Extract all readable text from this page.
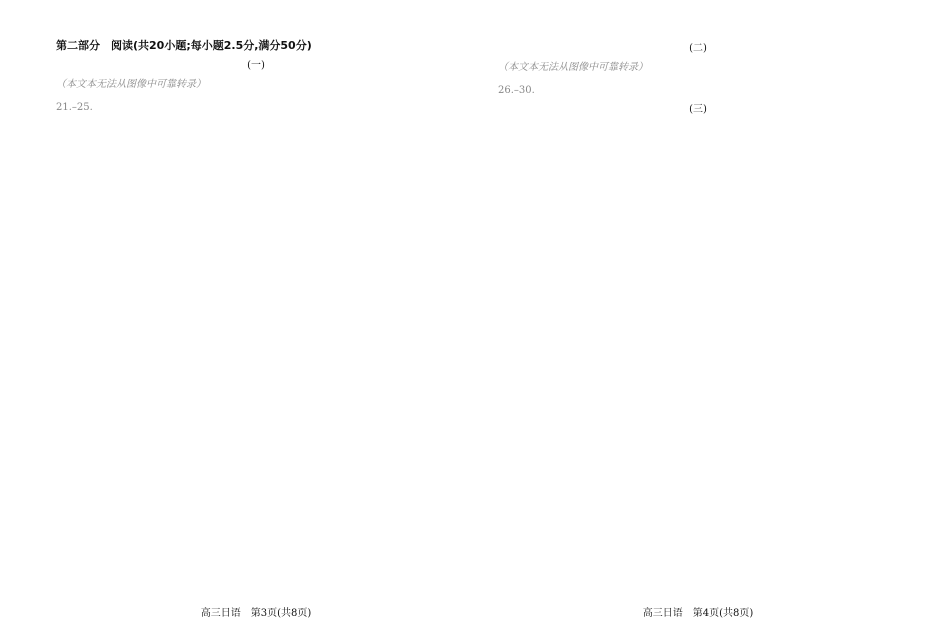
第二部分　阅读(共20小题;每小题2.5分,满分50分)
(一)
（本文本无法从图像中可靠转录）
21.–25.
(二)
（本文本无法从图像中可靠转录）
26.–30.
(三)
高三日语　第3页(共8页)	高三日语　第4页(共8页)
